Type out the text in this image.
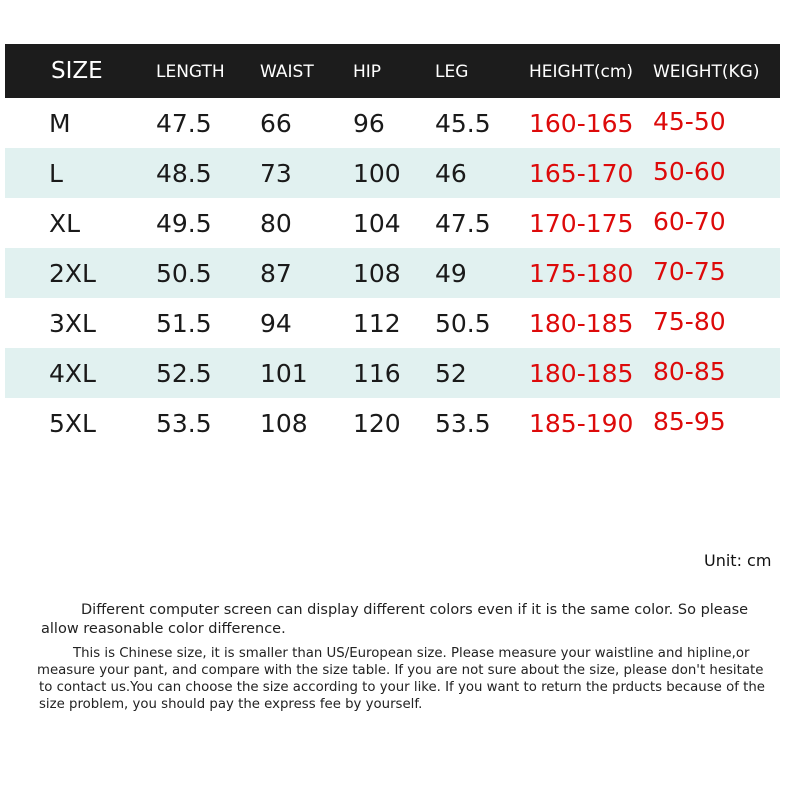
SIZE	LENGTH WAIST HIP	LEG	HEIGHT(cm) WEIGHT(KG)
M	47.5 66 96 45.5 160-165 45-50
L	48.5 73 100 46 165-170 50-60
XL	49.5 80 104 47.5 170-175 60-70
2XL 50.5 87 108 49 175-180 70-75
3XL 51.5 94 112 50.5 180-185 75-80
4XL 52.5 101 116 52 180-185 80-85
5XL 53.5 108 120 53.5 185-190 85-95
Unit: cm
Different computer screen can display different colors even if it is the same color. So please
allow reasonable color difference.
This is Chinese size, it is smaller than US/European size. Please measure your waistline and hipline,or
measure your pant, and compare with the size table. If you are not sure about the size, please don't hesitate
to contact us.You can choose the size according to your like. If you want to return the prducts because of the
size problem, you should pay the express fee by yourself.
